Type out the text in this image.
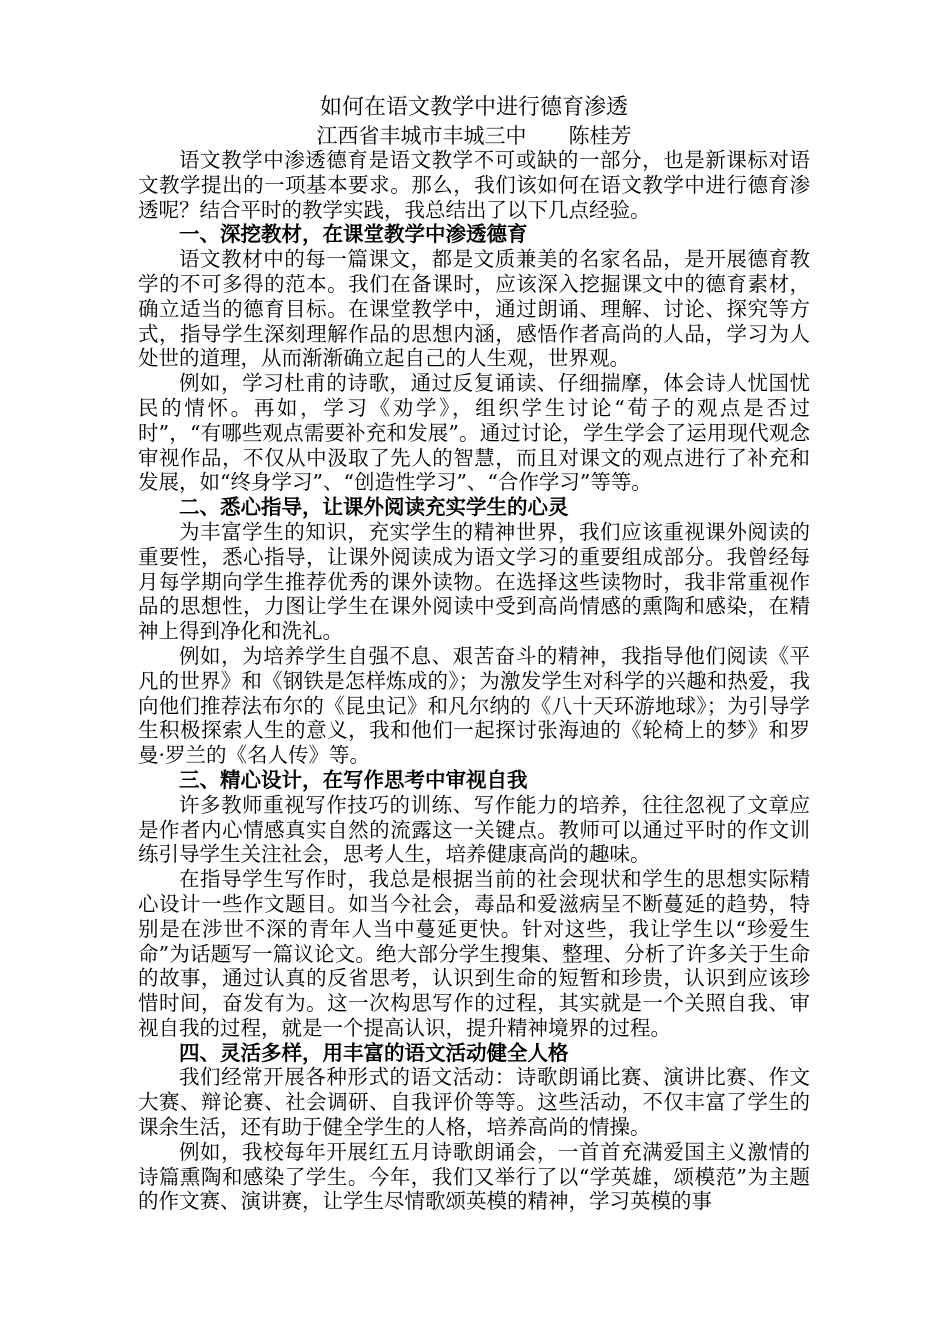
如何在语文教学中进行德育渗透
江西省丰城市丰城三中　　陈桂芳

语文教学中渗透德育是语文教学不可或缺的一部分，也是新课标对语文教学提出的一项基本要求。那么，我们该如何在语文教学中进行德育渗透呢？结合平时的教学实践，我总结出了以下几点经验。

一、深挖教材，在课堂教学中渗透德育

语文教材中的每一篇课文，都是文质兼美的名家名品，是开展德育教学的不可多得的范本。我们在备课时，应该深入挖掘课文中的德育素材，确立适当的德育目标。在课堂教学中，通过朗诵、理解、讨论、探究等方式，指导学生深刻理解作品的思想内涵，感悟作者高尚的人品，学习为人处世的道理，从而渐渐确立起自己的人生观，世界观。

例如，学习杜甫的诗歌，通过反复诵读、仔细揣摩，体会诗人忧国忧民的情怀。再如，学习《劝学》，组织学生讨论“荀子的观点是否过时”，“有哪些观点需要补充和发展”。通过讨论，学生学会了运用现代观念审视作品，不仅从中汲取了先人的智慧，而且对课文的观点进行了补充和发展，如“终身学习”、“创造性学习”、“合作学习”等等。

二、悉心指导，让课外阅读充实学生的心灵

为丰富学生的知识，充实学生的精神世界，我们应该重视课外阅读的重要性，悉心指导，让课外阅读成为语文学习的重要组成部分。我曾经每月每学期向学生推荐优秀的课外读物。在选择这些读物时，我非常重视作品的思想性，力图让学生在课外阅读中受到高尚情感的熏陶和感染，在精神上得到净化和洗礼。

例如，为培养学生自强不息、艰苦奋斗的精神，我指导他们阅读《平凡的世界》和《钢铁是怎样炼成的》；为激发学生对科学的兴趣和热爱，我向他们推荐法布尔的《昆虫记》和凡尔纳的《八十天环游地球》；为引导学生积极探索人生的意义，我和他们一起探讨张海迪的《轮椅上的梦》和罗曼·罗兰的《名人传》等。

三、精心设计，在写作思考中审视自我

许多教师重视写作技巧的训练、写作能力的培养，往往忽视了文章应是作者内心情感真实自然的流露这一关键点。教师可以通过平时的作文训练引导学生关注社会，思考人生，培养健康高尚的趣味。

在指导学生写作时，我总是根据当前的社会现状和学生的思想实际精心设计一些作文题目。如当今社会，毒品和爱滋病呈不断蔓延的趋势，特别是在涉世不深的青年人当中蔓延更快。针对这些，我让学生以“珍爱生命”为话题写一篇议论文。绝大部分学生搜集、整理、分析了许多关于生命的故事，通过认真的反省思考，认识到生命的短暂和珍贵，认识到应该珍惜时间，奋发有为。这一次构思写作的过程，其实就是一个关照自我、审视自我的过程，就是一个提高认识，提升精神境界的过程。

四、灵活多样，用丰富的语文活动健全人格

我们经常开展各种形式的语文活动：诗歌朗诵比赛、演讲比赛、作文大赛、辩论赛、社会调研、自我评价等等。这些活动，不仅丰富了学生的课余生活，还有助于健全学生的人格，培养高尚的情操。

例如，我校每年开展红五月诗歌朗诵会，一首首充满爱国主义激情的诗篇熏陶和感染了学生。今年，我们又举行了以“学英雄，颂模范”为主题的作文赛、演讲赛，让学生尽情歌颂英模的精神，学习英模的事
